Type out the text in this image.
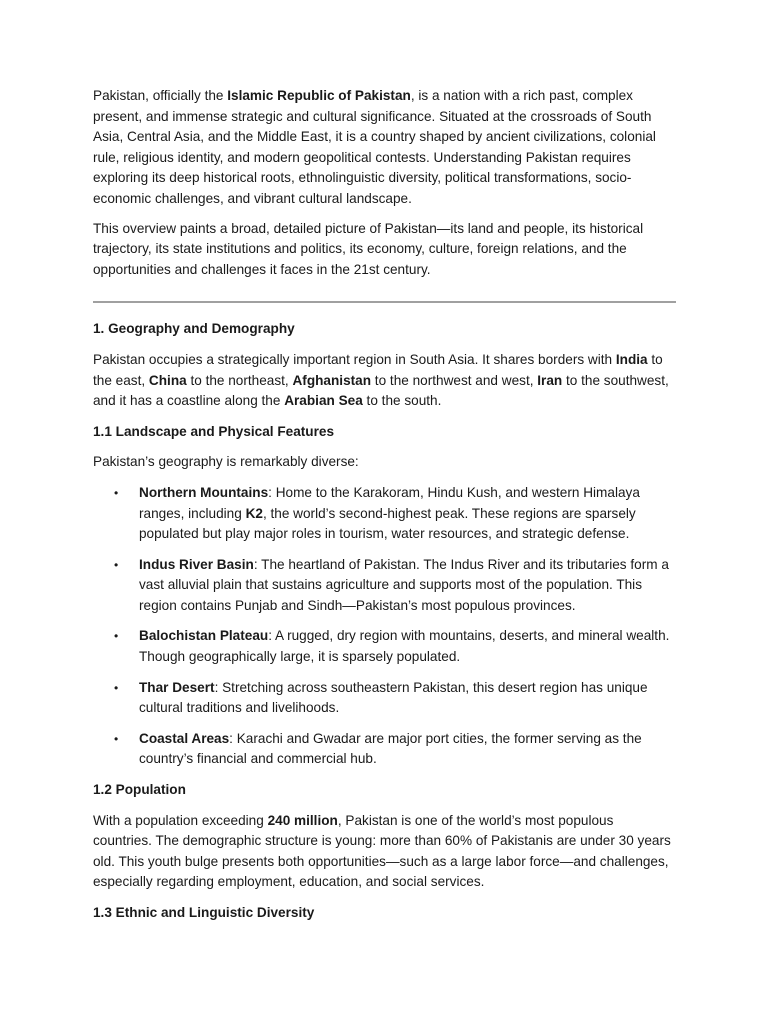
Pakistan, officially the Islamic Republic of Pakistan, is a nation with a rich past, complex present, and immense strategic and cultural significance. Situated at the crossroads of South Asia, Central Asia, and the Middle East, it is a country shaped by ancient civilizations, colonial rule, religious identity, and modern geopolitical contests. Understanding Pakistan requires exploring its deep historical roots, ethnolinguistic diversity, political transformations, socio-economic challenges, and vibrant cultural landscape.

This overview paints a broad, detailed picture of Pakistan—its land and people, its historical trajectory, its state institutions and politics, its economy, culture, foreign relations, and the opportunities and challenges it faces in the 21st century.

1. Geography and Demography

Pakistan occupies a strategically important region in South Asia. It shares borders with India to the east, China to the northeast, Afghanistan to the northwest and west, Iran to the southwest, and it has a coastline along the Arabian Sea to the south.

1.1 Landscape and Physical Features

Pakistan’s geography is remarkably diverse:

• Northern Mountains: Home to the Karakoram, Hindu Kush, and western Himalaya ranges, including K2, the world’s second-highest peak. These regions are sparsely populated but play major roles in tourism, water resources, and strategic defense.
• Indus River Basin: The heartland of Pakistan. The Indus River and its tributaries form a vast alluvial plain that sustains agriculture and supports most of the population. This region contains Punjab and Sindh—Pakistan’s most populous provinces.
• Balochistan Plateau: A rugged, dry region with mountains, deserts, and mineral wealth. Though geographically large, it is sparsely populated.
• Thar Desert: Stretching across southeastern Pakistan, this desert region has unique cultural traditions and livelihoods.
• Coastal Areas: Karachi and Gwadar are major port cities, the former serving as the country’s financial and commercial hub.
1.2 Population

With a population exceeding 240 million, Pakistan is one of the world’s most populous countries. The demographic structure is young: more than 60% of Pakistanis are under 30 years old. This youth bulge presents both opportunities—such as a large labor force—and challenges, especially regarding employment, education, and social services.

1.3 Ethnic and Linguistic Diversity
